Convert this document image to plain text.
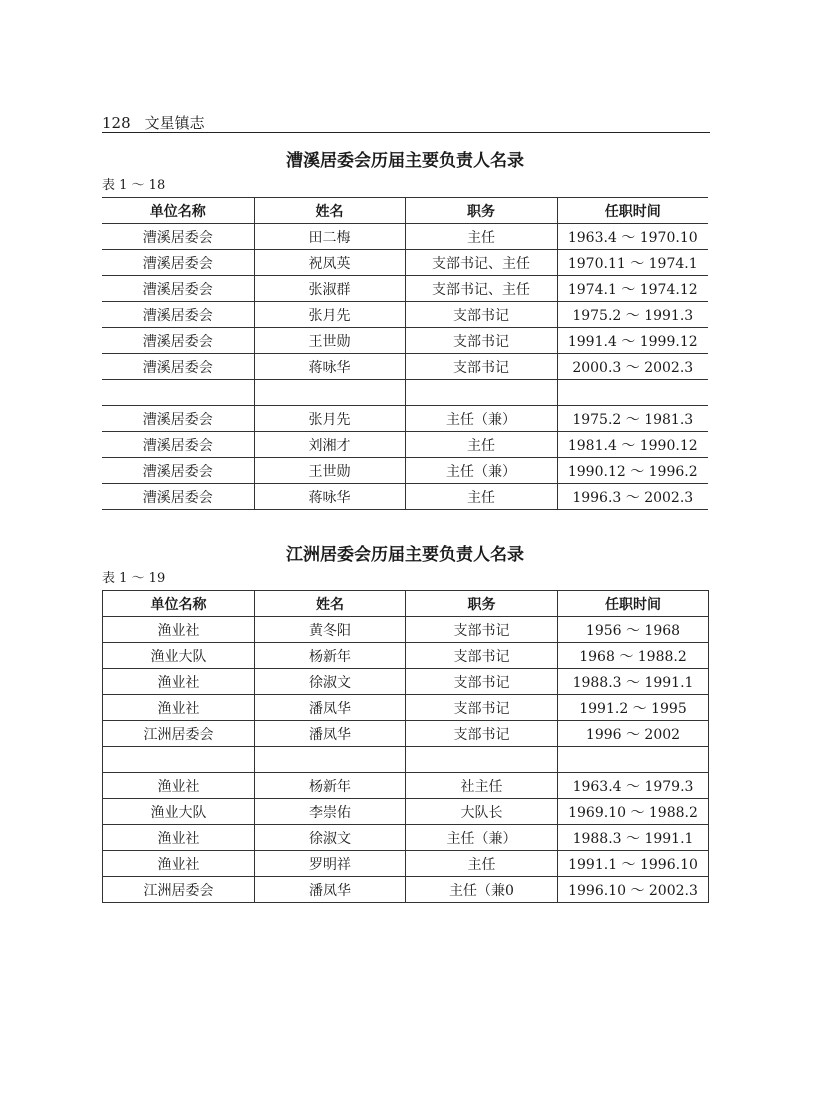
128 文星镇志
漕溪居委会历届主要负责人名录
表 1 ～ 18
单位名称	姓名	职务	任职时间
漕溪居委会	田二梅	主任	1963.4 ～ 1970.10
漕溪居委会	祝凤英	支部书记、主任	1970.11 ～ 1974.1
漕溪居委会	张淑群	支部书记、主任	1974.1 ～ 1974.12
漕溪居委会	张月先	支部书记	1975.2 ～ 1991.3
漕溪居委会	王世勋	支部书记	1991.4 ～ 1999.12
漕溪居委会	蒋咏华	支部书记	2000.3 ～ 2002.3

漕溪居委会	张月先	主任（兼）	1975.2 ～ 1981.3
漕溪居委会	刘湘才	主任	1981.4 ～ 1990.12
漕溪居委会	王世勋	主任（兼）	1990.12 ～ 1996.2
漕溪居委会	蒋咏华	主任	1996.3 ～ 2002.3
江洲居委会历届主要负责人名录
表 1 ～ 19
单位名称	姓名	职务	任职时间
渔业社	黄冬阳	支部书记	1956 ～ 1968
渔业大队	杨新年	支部书记	1968 ～ 1988.2
渔业社	徐淑文	支部书记	1988.3 ～ 1991.1
渔业社	潘凤华	支部书记	1991.2 ～ 1995
江洲居委会	潘凤华	支部书记	1996 ～ 2002

渔业社	杨新年	社主任	1963.4 ～ 1979.3
渔业大队	李崇佑	大队长	1969.10 ～ 1988.2
渔业社	徐淑文	主任（兼）	1988.3 ～ 1991.1
渔业社	罗明祥	主任	1991.1 ～ 1996.10
江洲居委会	潘凤华	主任（兼0	1996.10 ～ 2002.3
